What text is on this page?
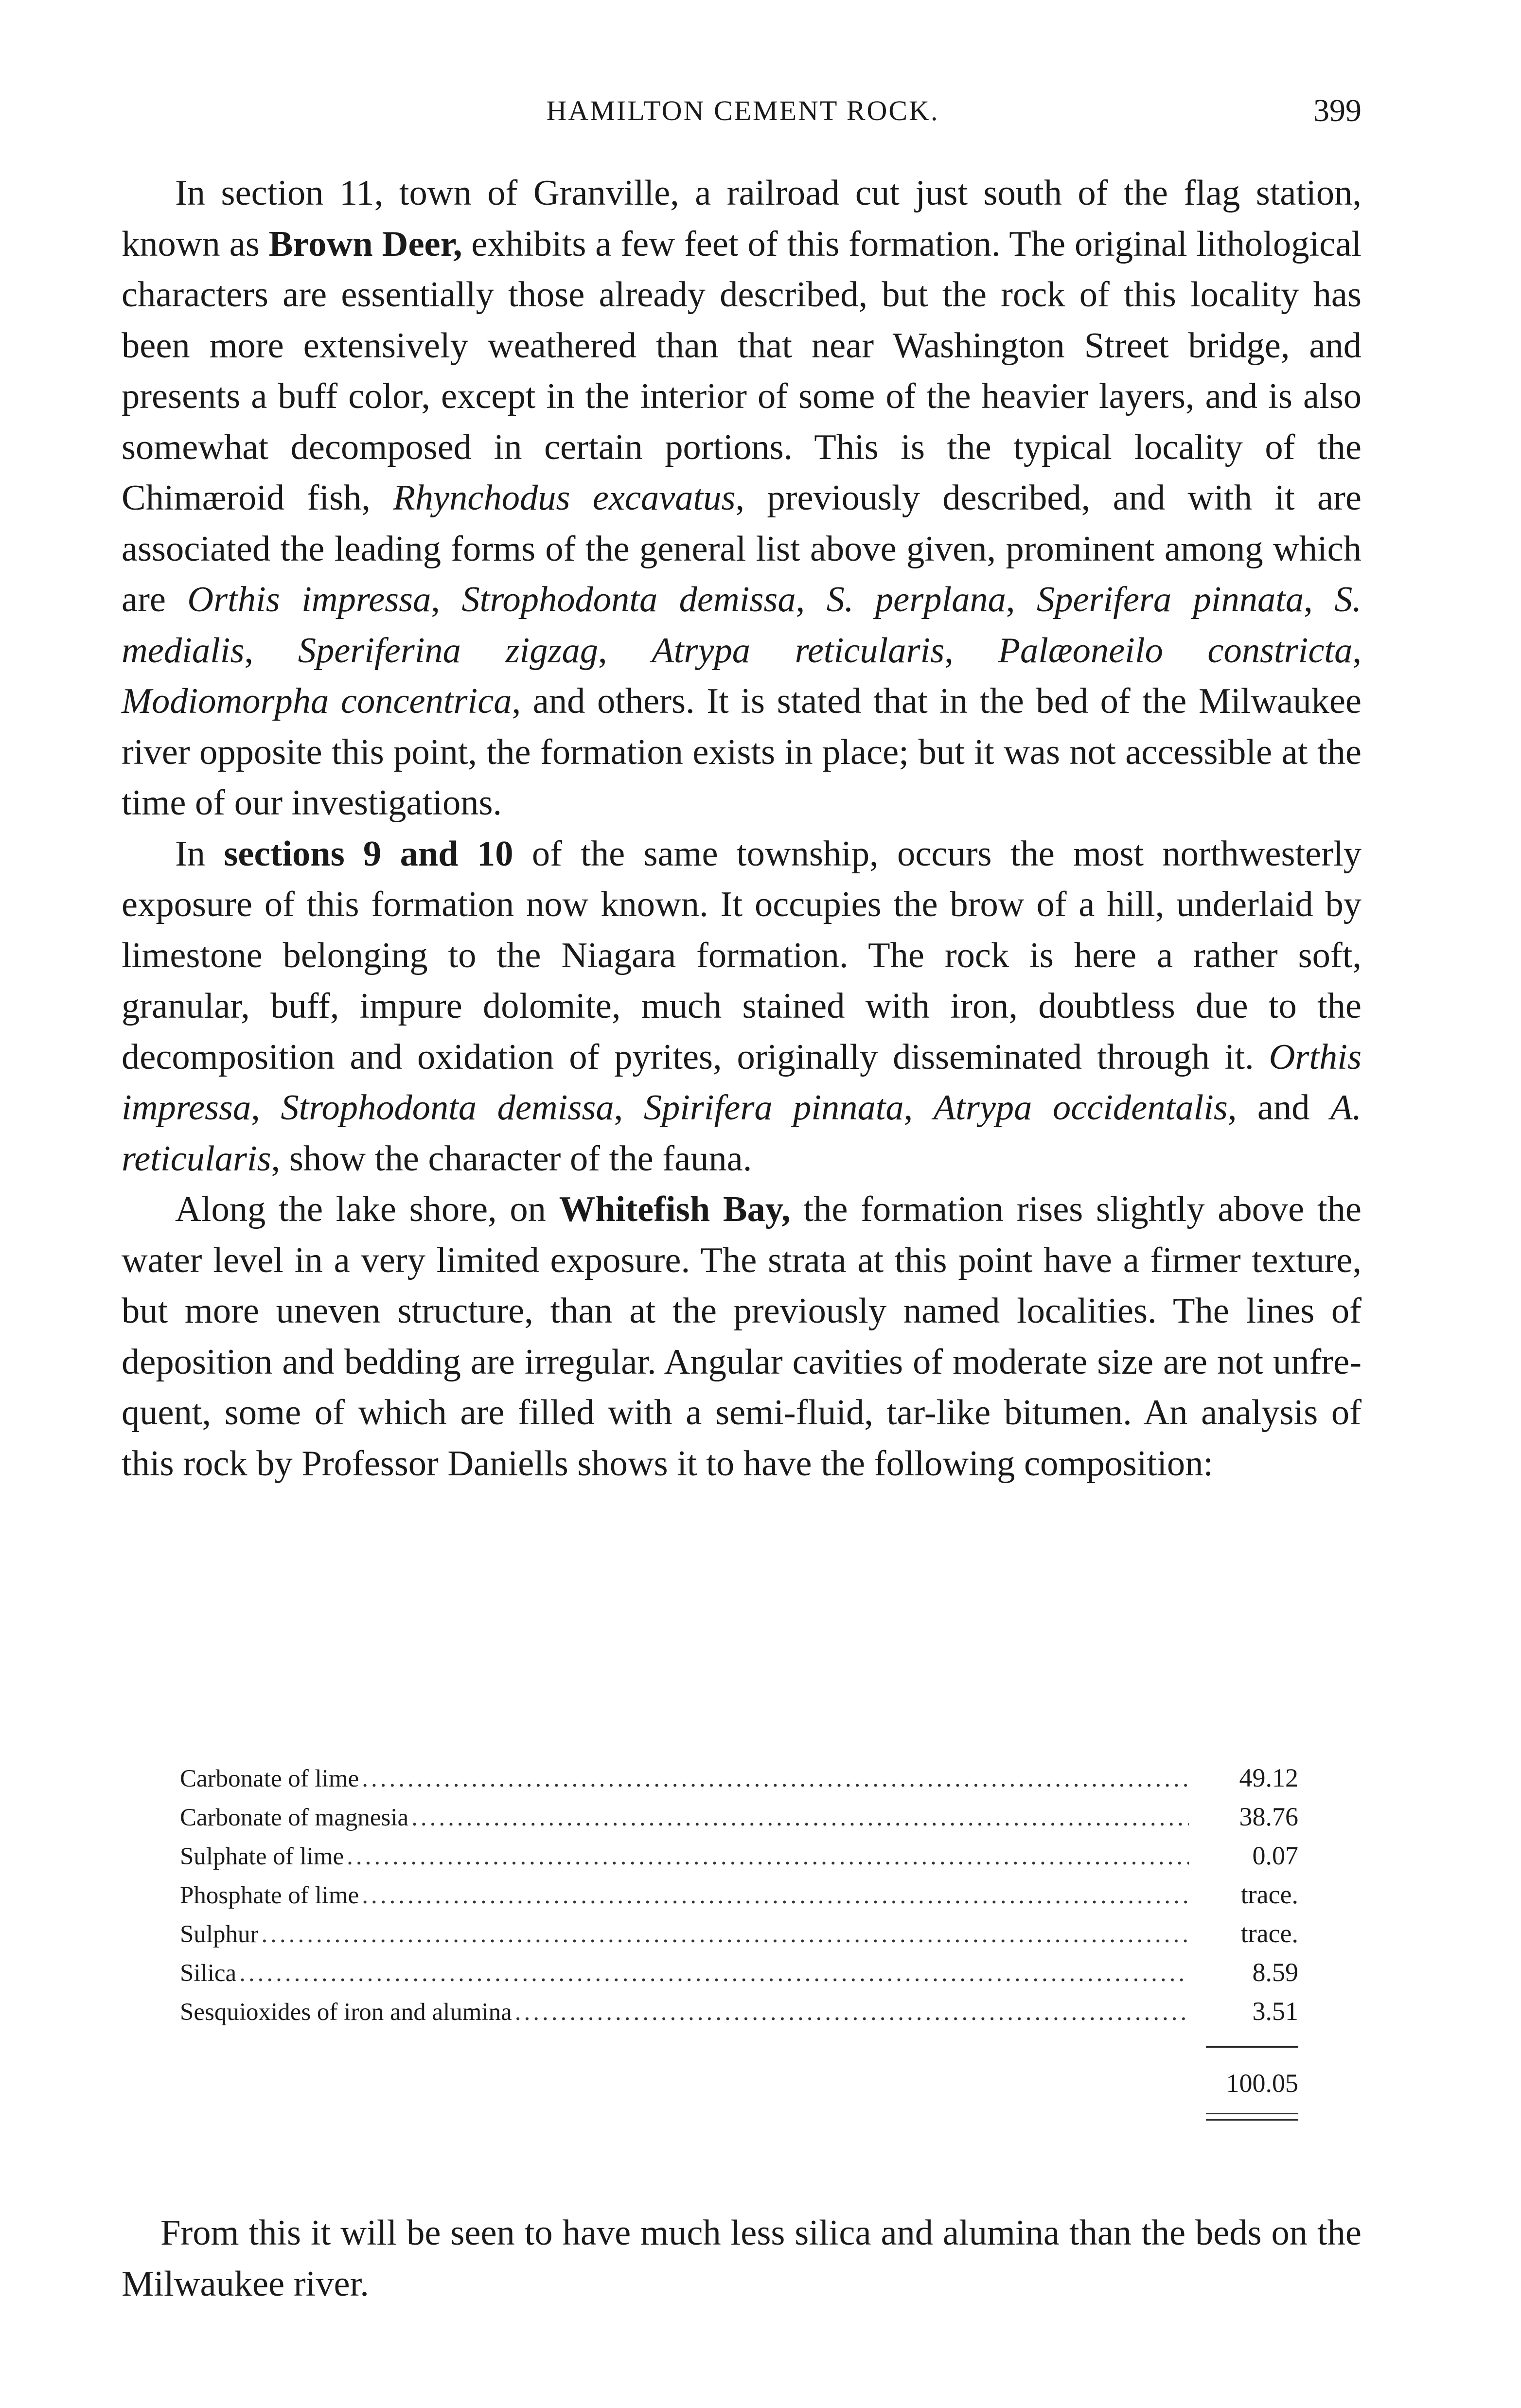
HAMILTON CEMENT ROCK.	399

In section 11, town of Granville, a railroad cut just south of the flag station, known as Brown Deer, exhibits a few feet of this formation. The original lithological characters are essentially those already described, but the rock of this locality has been more extensively weathered than that near Washington Street bridge, and presents a buff color, except in the interior of some of the heavier layers, and is also somewhat decomposed in certain portions. This is the typical locality of the Chimæroid fish, Rhynchodus excavatus, previously described, and with it are associated the leading forms of the general list above given, prominent among which are Orthis impressa, Strophodonta demissa, S. perplana, Sperifera pinnata, S. medialis, Speriferina zigzag, Atrypa reticularis, Palæoneilo constricta, Modiomorpha concentrica, and others. It is stated that in the bed of the Milwaukee river opposite this point, the formation exists in place; but it was not accessible at the time of our investigations.

In sections 9 and 10 of the same township, occurs the most northwesterly exposure of this formation now known. It occupies the brow of a hill, underlaid by limestone belonging to the Niagara formation. The rock is here a rather soft, granular, buff, impure dolomite, much stained with iron, doubtless due to the decomposition and oxidation of pyrites, originally disseminated through it. Orthis impressa, Strophodonta demissa, Spirifera pinnata, Atrypa occidentalis, and A. reticularis, show the character of the fauna.

Along the lake shore, on Whitefish Bay, the formation rises slightly above the water level in a very limited exposure. The strata at this point have a firmer texture, but more uneven structure, than at the previously named localities. The lines of deposition and bedding are irregular. Angular cavities of moderate size are not unfrequent, some of which are filled with a semi-fluid, tar-like bitumen. An analysis of this rock by Professor Daniells shows it to have the following composition:

Carbonate of lime .....	49.12
Carbonate of magnesia .....	38.76
Sulphate of lime .....	0.07
Phosphate of lime .....	trace.
Sulphur .....	trace.
Silica .....	8.59
Sesquioxides of iron and alumina .....	3.51
100.05

From this it will be seen to have much less silica and alumina than the beds on the Milwaukee river.
